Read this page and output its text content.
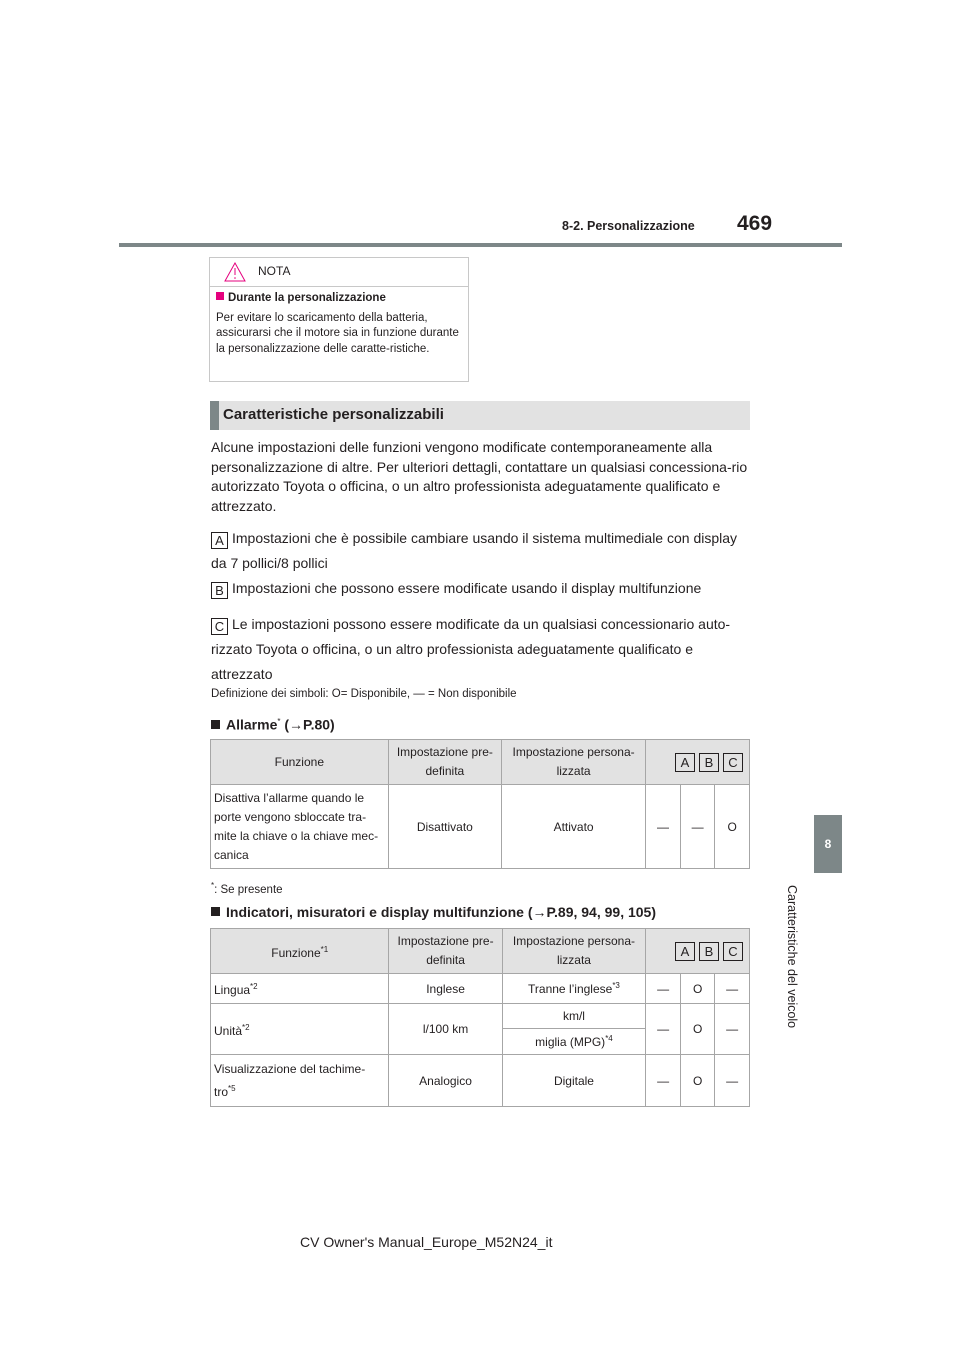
469
8-2. Personalizzazione
8
Caratteristiche del veicolo
NOTA
Durante la personalizzazione
Per evitare lo scaricamento della batteria, assicurarsi che il motore sia in funzione durante la personalizzazione delle caratte-ristiche.
Caratteristiche personalizzabili
Alcune impostazioni delle funzioni vengono modificate contemporaneamente alla personalizzazione di altre. Per ulteriori dettagli, contattare un qualsiasi concessiona-rio autorizzato Toyota o officina, o un altro professionista adeguatamente qualificato e attrezzato.
A Impostazioni che è possibile cambiare usando il sistema multimediale con display da 7 pollici/8 pollici
B Impostazioni che possono essere modificate usando il display multifunzione
C Le impostazioni possono essere modificate da un qualsiasi concessionario auto-rizzato Toyota o officina, o un altro professionista adeguatamente qualificato e attrezzato
Definizione dei simboli: O= Disponibile, — = Non disponibile
Allarme* (→P.80)
Funzione	Impostazione pre-definita	Impostazione persona-lizzata	A B C		

Disattiva l’allarme quando le porte vengono sbloccate tra-mite la chiave o la chiave mec-canica	Disattivato	Attivato	—	—	O
*: Se presente
Indicatori, misuratori e display multifunzione (→P.89, 94, 99, 105)
Funzione$^{*1}$	Impostazione pre-definita	Impostazione persona-lizzata	A B C		

Lingua$^{*2}$	Inglese	Tranne l’inglese$^{*3}$	—	O	—
Unità$^{*2}$	l/100 km	km/l	—	O	—
		miglia (MPG)$^{*4}$
Visualizzazione del tachime-tro$^{*5}$	Analogico	Digitale	—	O	—
CV Owner's Manual_Europe_M52N24_it
